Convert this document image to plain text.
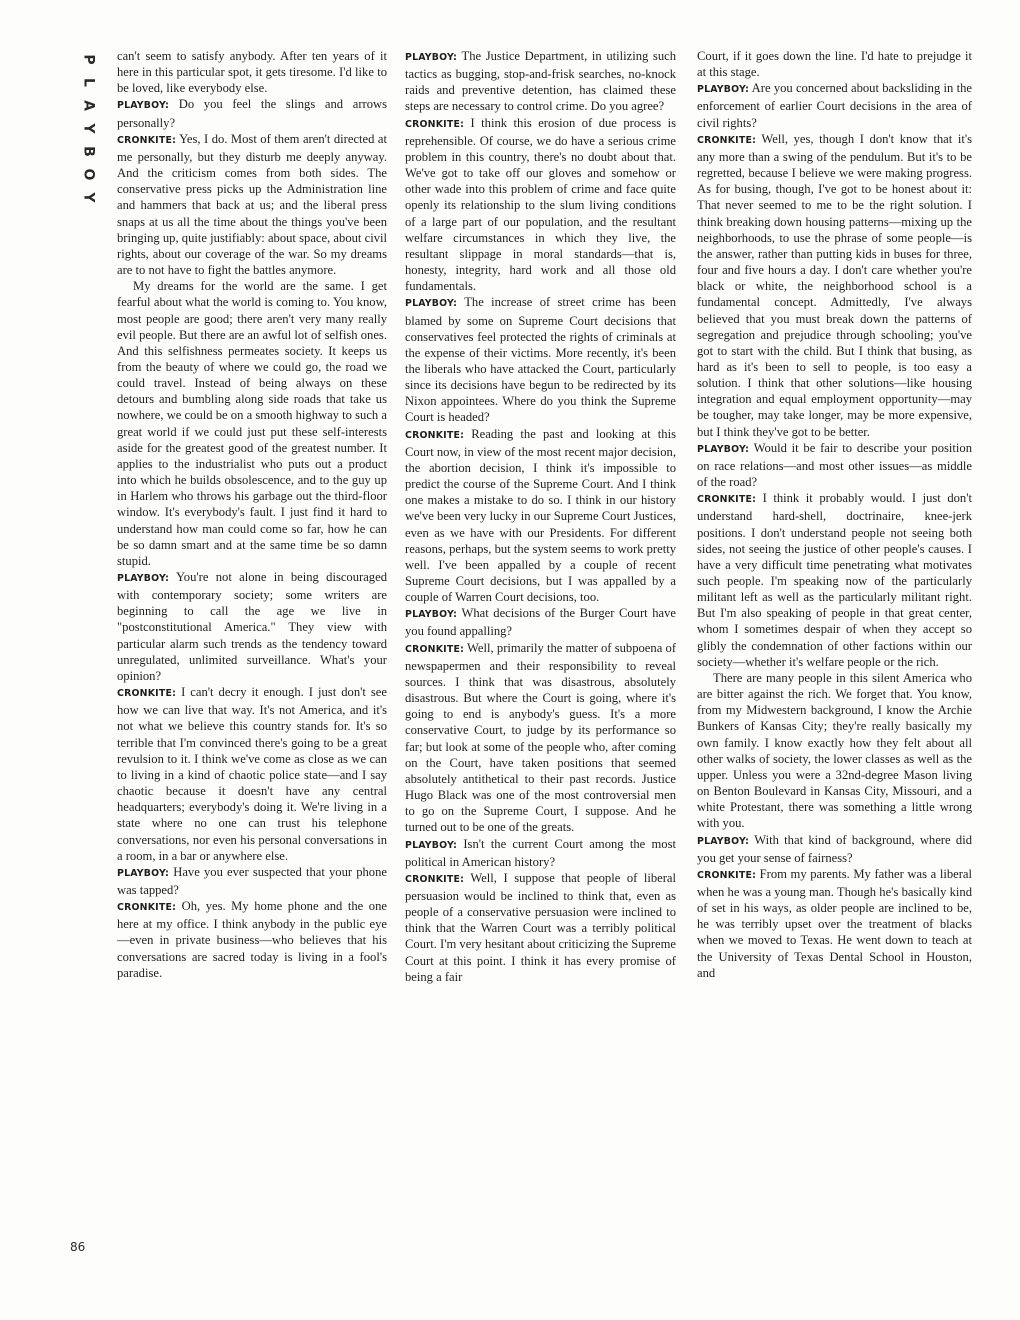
P
L
A
Y
B
O
Y

can't seem to satisfy anybody. After ten years of it here in this particular spot, it gets tiresome. I'd like to be loved, like everybody else.

PLAYBOY: Do you feel the slings and arrows personally?

CRONKITE: Yes, I do. Most of them aren't directed at me personally, but they disturb me deeply anyway. And the criticism comes from both sides. The conservative press picks up the Administration line and hammers that back at us; and the liberal press snaps at us all the time about the things you've been bringing up, quite justifiably: about space, about civil rights, about our coverage of the war. So my dreams are to not have to fight the battles anymore.

My dreams for the world are the same. I get fearful about what the world is coming to. You know, most people are good; there aren't very many really evil people. But there are an awful lot of selfish ones. And this selfishness permeates society. It keeps us from the beauty of where we could go, the road we could travel. Instead of being always on these detours and bumbling along side roads that take us nowhere, we could be on a smooth highway to such a great world if we could just put these self-interests aside for the greatest good of the greatest number. It applies to the industrialist who puts out a product into which he builds obsolescence, and to the guy up in Harlem who throws his garbage out the third-floor window. It's everybody's fault. I just find it hard to understand how man could come so far, how he can be so damn smart and at the same time be so damn stupid.

PLAYBOY: You're not alone in being discouraged with contemporary society; some writers are beginning to call the age we live in "postconstitutional America." They view with particular alarm such trends as the tendency toward unregulated, unlimited surveillance. What's your opinion?

CRONKITE: I can't decry it enough. I just don't see how we can live that way. It's not America, and it's not what we believe this country stands for. It's so terrible that I'm convinced there's going to be a great revulsion to it. I think we've come as close as we can to living in a kind of chaotic police state—and I say chaotic because it doesn't have any central headquarters; everybody's doing it. We're living in a state where no one can trust his telephone conversations, nor even his personal conversations in a room, in a bar or anywhere else.

PLAYBOY: Have you ever suspected that your phone was tapped?

CRONKITE: Oh, yes. My home phone and the one here at my office. I think anybody in the public eye—even in private business—who believes that his conversations are sacred today is living in a fool's paradise.

PLAYBOY: The Justice Department, in utilizing such tactics as bugging, stop-and-frisk searches, no-knock raids and preventive detention, has claimed these steps are necessary to control crime. Do you agree?

CRONKITE: I think this erosion of due process is reprehensible. Of course, we do have a serious crime problem in this country, there's no doubt about that. We've got to take off our gloves and somehow or other wade into this problem of crime and face quite openly its relationship to the slum living conditions of a large part of our population, and the resultant welfare circumstances in which they live, the resultant slippage in moral standards—that is, honesty, integrity, hard work and all those old fundamentals.

PLAYBOY: The increase of street crime has been blamed by some on Supreme Court decisions that conservatives feel protected the rights of criminals at the expense of their victims. More recently, it's been the liberals who have attacked the Court, particularly since its decisions have begun to be redirected by its Nixon appointees. Where do you think the Supreme Court is headed?

CRONKITE: Reading the past and looking at this Court now, in view of the most recent major decision, the abortion decision, I think it's impossible to predict the course of the Supreme Court. And I think one makes a mistake to do so. I think in our history we've been very lucky in our Supreme Court Justices, even as we have with our Presidents. For different reasons, perhaps, but the system seems to work pretty well. I've been appalled by a couple of recent Supreme Court decisions, but I was appalled by a couple of Warren Court decisions, too.

PLAYBOY: What decisions of the Burger Court have you found appalling?

CRONKITE: Well, primarily the matter of subpoena of newspapermen and their responsibility to reveal sources. I think that was disastrous, absolutely disastrous. But where the Court is going, where it's going to end is anybody's guess. It's a more conservative Court, to judge by its performance so far; but look at some of the people who, after coming on the Court, have taken positions that seemed absolutely antithetical to their past records. Justice Hugo Black was one of the most controversial men to go on the Supreme Court, I suppose. And he turned out to be one of the greats.

PLAYBOY: Isn't the current Court among the most political in American history?

CRONKITE: Well, I suppose that people of liberal persuasion would be inclined to think that, even as people of a conservative persuasion were inclined to think that the Warren Court was a terribly political Court. I'm very hesitant about criticizing the Supreme Court at this point. I think it has every promise of being a fair

Court, if it goes down the line. I'd hate to prejudge it at this stage.

PLAYBOY: Are you concerned about backsliding in the enforcement of earlier Court decisions in the area of civil rights?

CRONKITE: Well, yes, though I don't know that it's any more than a swing of the pendulum. But it's to be regretted, because I believe we were making progress. As for busing, though, I've got to be honest about it: That never seemed to me to be the right solution. I think breaking down housing patterns—mixing up the neighborhoods, to use the phrase of some people—is the answer, rather than putting kids in buses for three, four and five hours a day. I don't care whether you're black or white, the neighborhood school is a fundamental concept. Admittedly, I've always believed that you must break down the patterns of segregation and prejudice through schooling; you've got to start with the child. But I think that busing, as hard as it's been to sell to people, is too easy a solution. I think that other solutions—like housing integration and equal employment opportunity—may be tougher, may take longer, may be more expensive, but I think they've got to be better.

PLAYBOY: Would it be fair to describe your position on race relations—and most other issues—as middle of the road?

CRONKITE: I think it probably would. I just don't understand hard-shell, doctrinaire, knee-jerk positions. I don't understand people not seeing both sides, not seeing the justice of other people's causes. I have a very difficult time penetrating what motivates such people. I'm speaking now of the particularly militant left as well as the particularly militant right. But I'm also speaking of people in that great center, whom I sometimes despair of when they accept so glibly the condemnation of other factions within our society—whether it's welfare people or the rich.

There are many people in this silent America who are bitter against the rich. We forget that. You know, from my Midwestern background, I know the Archie Bunkers of Kansas City; they're really basically my own family. I know exactly how they felt about all other walks of society, the lower classes as well as the upper. Unless you were a 32nd-degree Mason living on Benton Boulevard in Kansas City, Missouri, and a white Protestant, there was something a little wrong with you.

PLAYBOY: With that kind of background, where did you get your sense of fairness?

CRONKITE: From my parents. My father was a liberal when he was a young man. Though he's basically kind of set in his ways, as older people are inclined to be, he was terribly upset over the treatment of blacks when we moved to Texas. He went down to teach at the University of Texas Dental School in Houston, and

86
